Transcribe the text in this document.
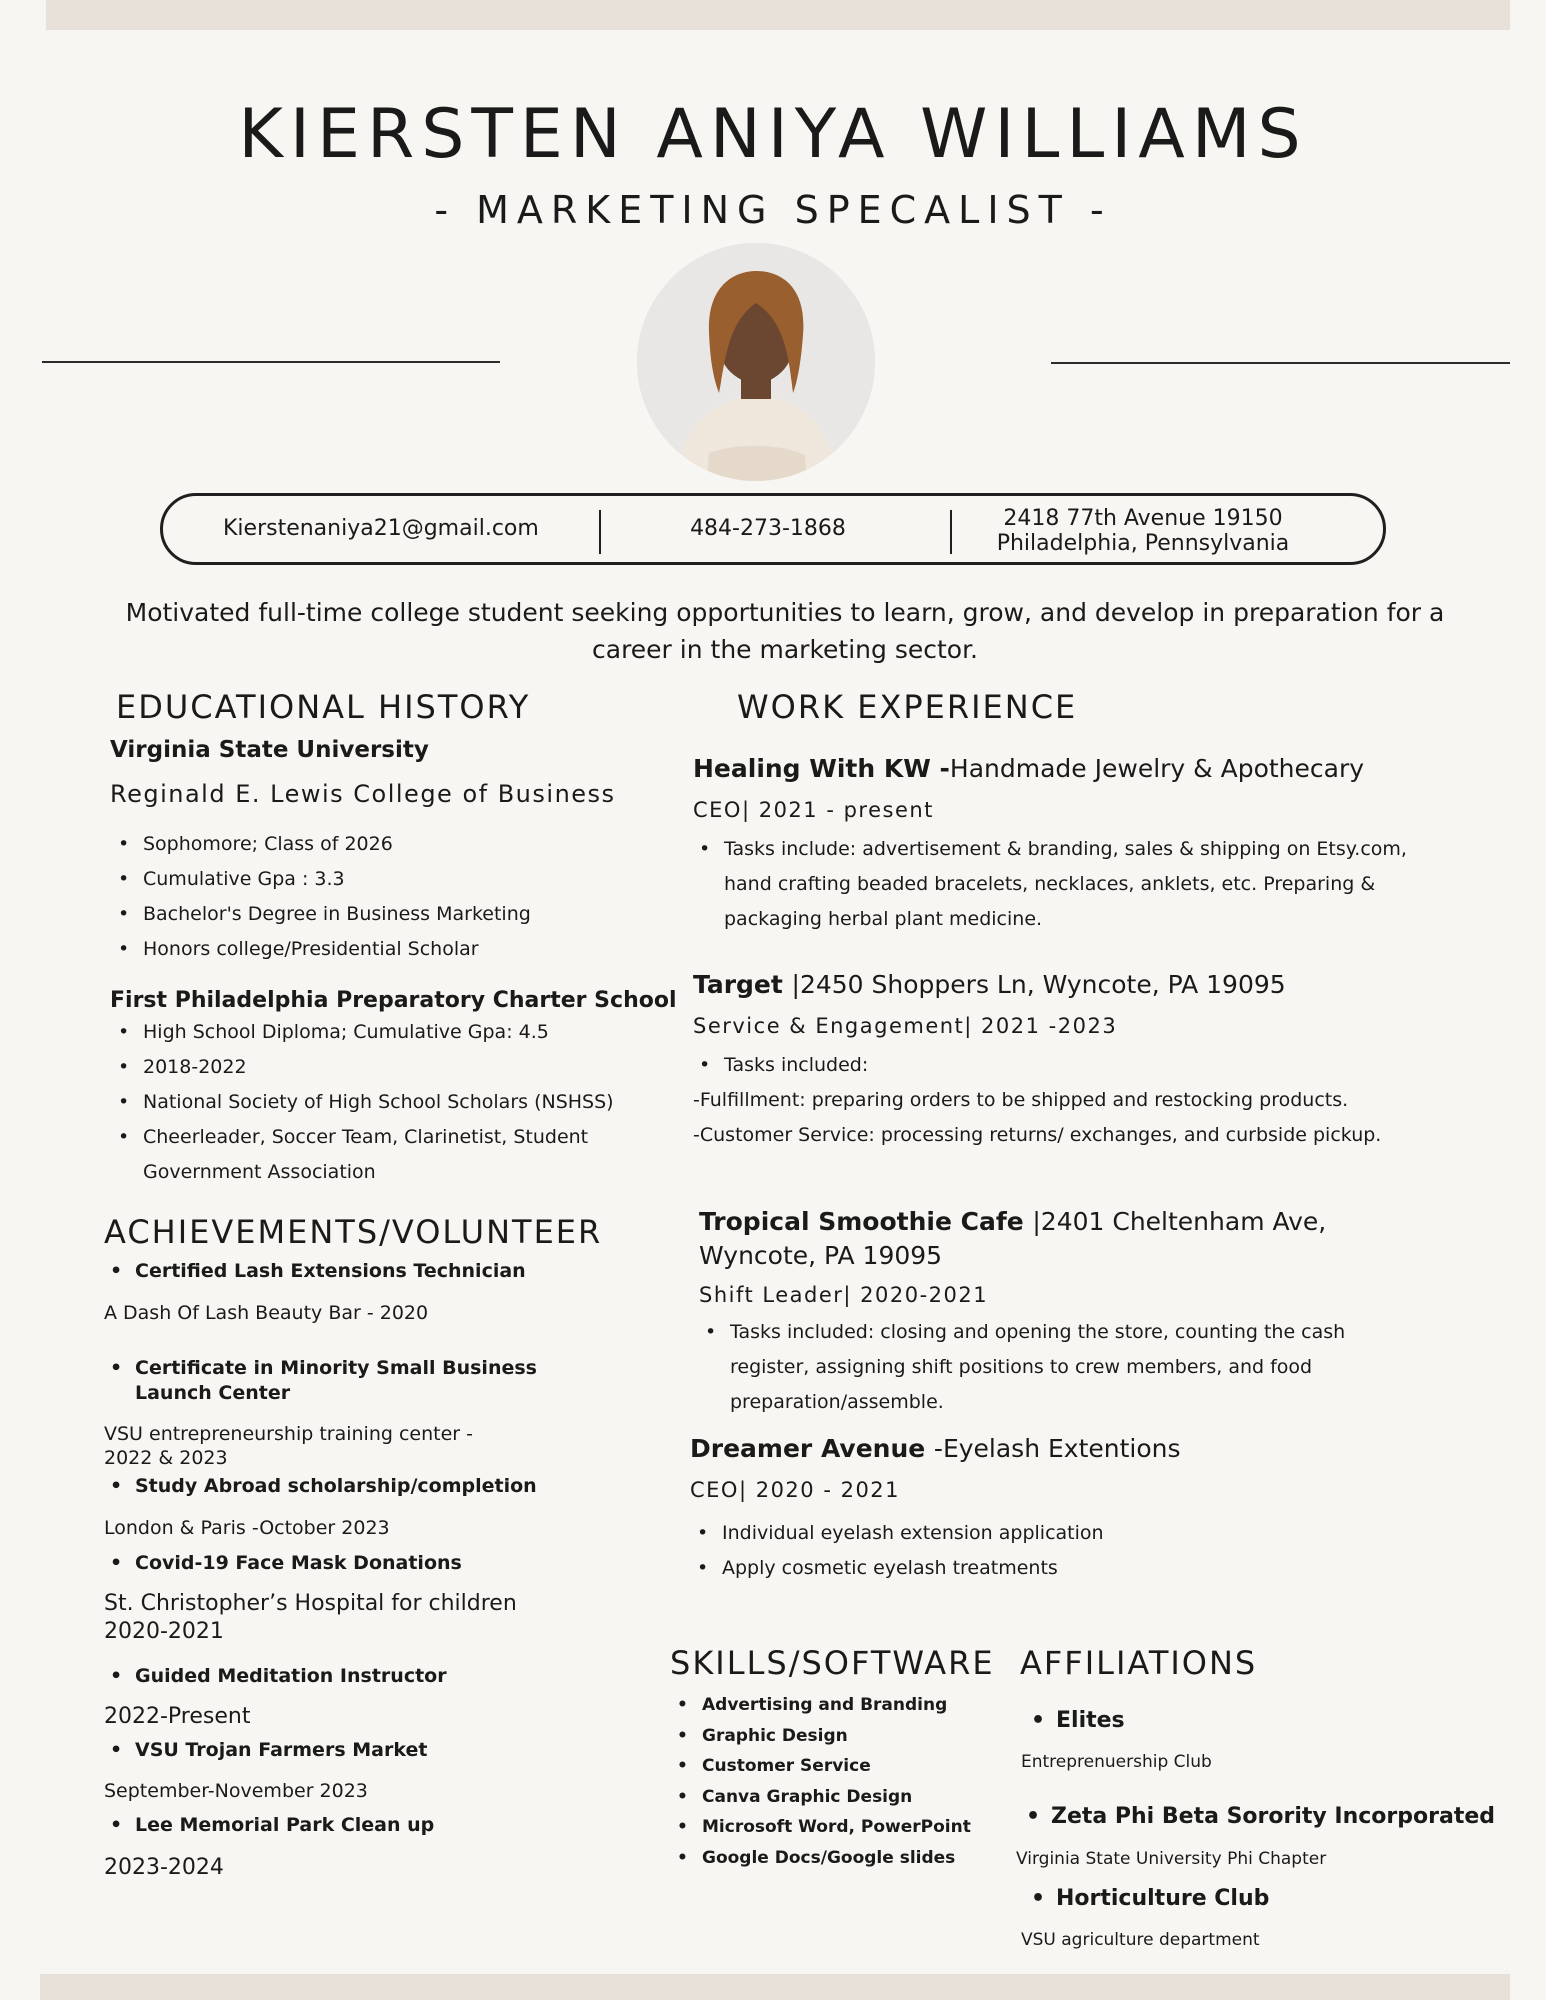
KIERSTEN ANIYA WILLIAMS
- MARKETING SPECALIST -
Kierstenaniya21@gmail.com	484-273-1868	2418 77th Avenue 19150
Philadelphia, Pennsylvania
Motivated full-time college student seeking opportunities to learn, grow, and develop in preparation for a career in the marketing sector.
EDUCATIONAL HISTORY
Virginia State University
Reginald E. Lewis College of Business
• Sophomore; Class of 2026
• Cumulative Gpa : 3.3
• Bachelor's Degree in Business Marketing
• Honors college/Presidential Scholar
First Philadelphia Preparatory Charter School
• High School Diploma; Cumulative Gpa: 4.5
• 2018-2022
• National Society of High School Scholars (NSHSS)
• Cheerleader, Soccer Team, Clarinetist, Student Government Association
ACHIEVEMENTS/VOLUNTEER
• Certified Lash Extensions Technician
A Dash Of Lash Beauty Bar - 2020
• Certificate in Minority Small Business Launch Center
VSU entrepreneurship training center - 2022 & 2023
• Study Abroad scholarship/completion
London & Paris -October 2023
• Covid-19 Face Mask Donations
St. Christopher’s Hospital for children 2020-2021
• Guided Meditation Instructor
2022-Present
• VSU Trojan Farmers Market
September-November 2023
• Lee Memorial Park Clean up
2023-2024
WORK EXPERIENCE
Healing With KW -Handmade Jewelry & Apothecary
CEO| 2021 - present
• Tasks include: advertisement & branding, sales & shipping on Etsy.com, hand crafting beaded bracelets, necklaces, anklets, etc. Preparing & packaging herbal plant medicine.
Target |2450 Shoppers Ln, Wyncote, PA 19095
Service & Engagement| 2021 -2023
• Tasks included:
-Fulfillment: preparing orders to be shipped and restocking products.
-Customer Service: processing returns/ exchanges, and curbside pickup.
Tropical Smoothie Cafe |2401 Cheltenham Ave, Wyncote, PA 19095
Shift Leader| 2020-2021
• Tasks included: closing and opening the store, counting the cash register, assigning shift positions to crew members, and food preparation/assemble.
Dreamer Avenue -Eyelash Extentions
CEO| 2020 - 2021
• Individual eyelash extension application
• Apply cosmetic eyelash treatments
SKILLS/SOFTWARE
• Advertising and Branding
• Graphic Design
• Customer Service
• Canva Graphic Design
• Microsoft Word, PowerPoint
• Google Docs/Google slides
AFFILIATIONS
• Elites
Entreprenuership Club
• Zeta Phi Beta Sorority Incorporated
Virginia State University Phi Chapter
• Horticulture Club
VSU agriculture department
